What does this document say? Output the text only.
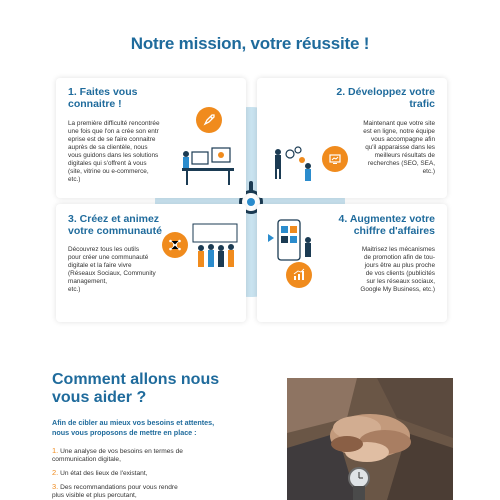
Notre mission, votre réussite !
1. Faites vous
connaitre !
La première difficulté rencontrée
une fois que l'on a crée son entr
eprise est de se faire connaitre
auprès de sa clientèle, nous
vous guidons dans les solutions
digitales qui s'offrent à vous
(site, vitrine ou e-commerce,
etc.)
2. Développez votre
trafic
Maintenant que votre site
est en ligne, notre équipe
vous accompagne afin
qu'il apparaisse dans les
meilleurs résultats de
recherches (SEO, SEA,
etc.)
3. Créez et animez
votre communauté
Découvrez tous les outils
pour créer une communauté
digitale et la faire vivre
(Réseaux Sociaux, Community
management,
etc.)
4. Augmentez votre
chiffre d'affaires
Maitrisez les mécanismes
de promotion afin de tou-
jours être au plus proche
de vos clients (publicités
sur les réseaux sociaux,
Google My Business, etc.)
Comment allons nous
vous aider ?
Afin de cibler au mieux vos besoins et attentes,
nous vous proposons de mettre en place :
1. Une analyse de vos besoins en termes de
communication digitale,
2. Un état des lieux de l'existant,
3. Des recommandations pour vous rendre
plus visible et plus percutant,
